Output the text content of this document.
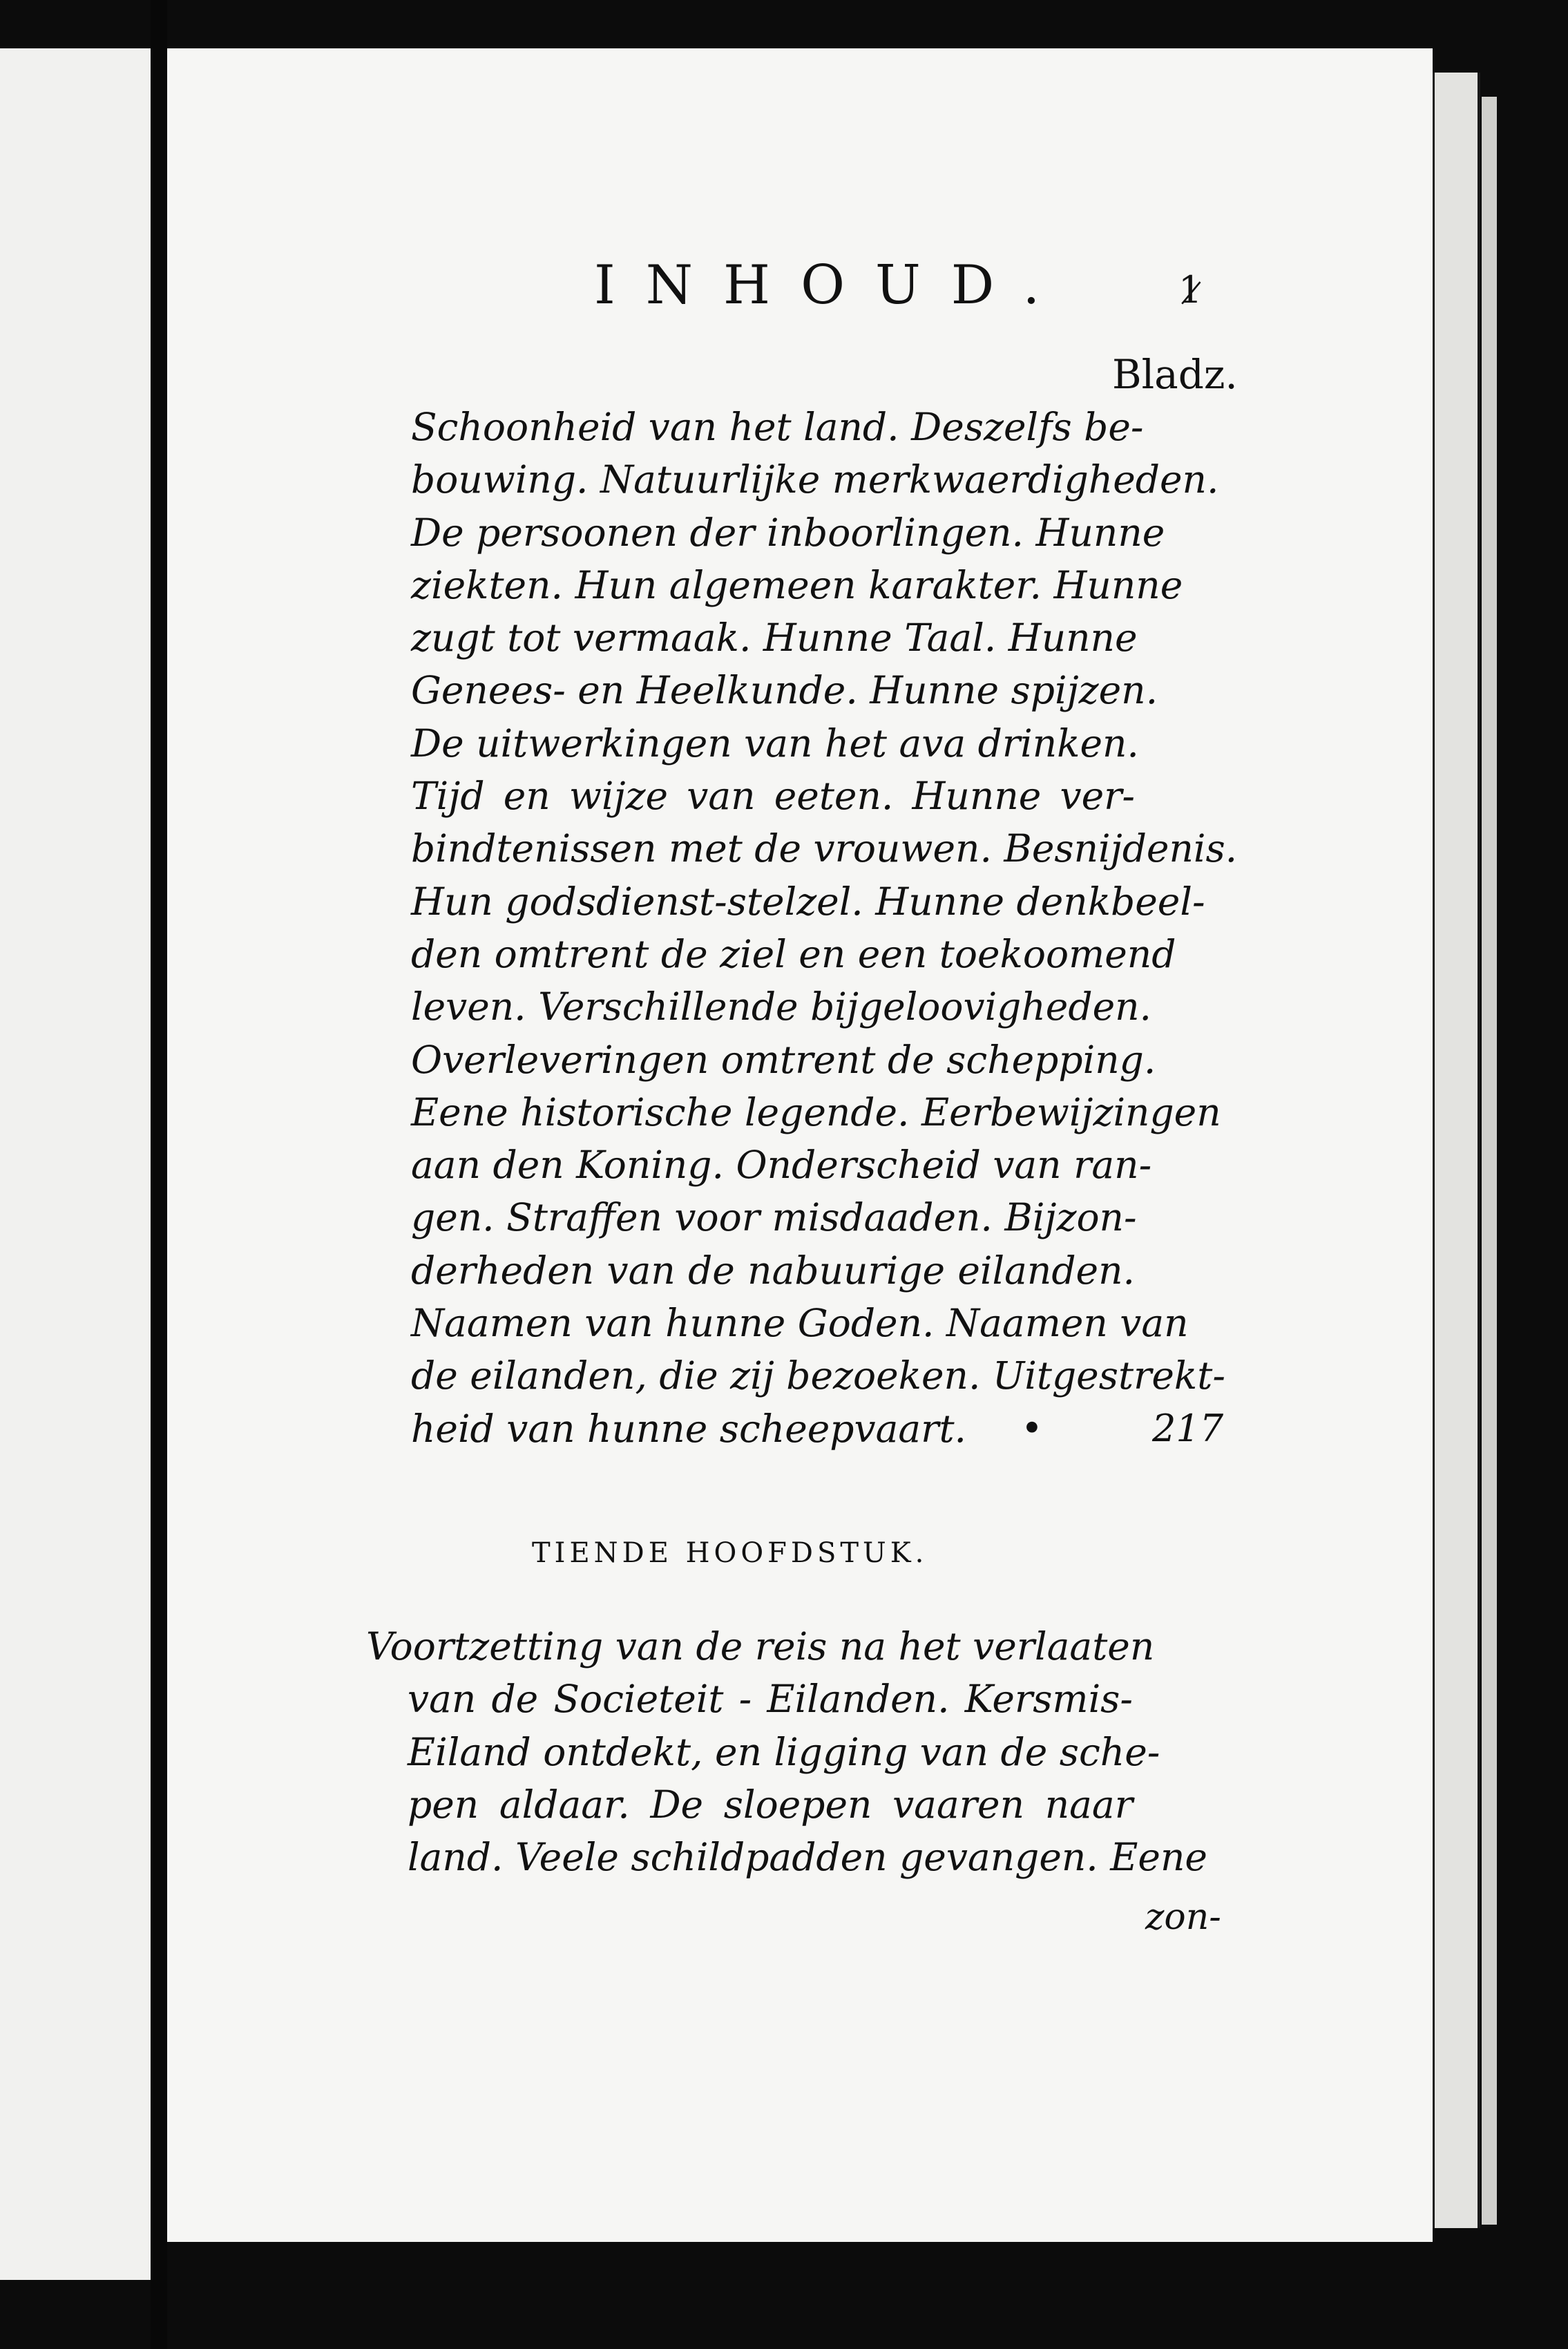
INHOUD.	1̷
Bladz.
Schoonheid van het land. Deszelfs be-
bouwing. Natuurlijke merkwaerdigheden.
De persoonen der inboorlingen. Hunne
ziekten. Hun algemeen karakter. Hunne
zugt tot vermaak. Hunne Taal. Hunne
Genees- en Heelkunde. Hunne spijzen.
De uitwerkingen van het ava drinken.
Tijd en wijze van eeten. Hunne ver-
bindtenissen met de vrouwen. Besnijdenis.
Hun godsdienst-stelzel. Hunne denkbeel-
den omtrent de ziel en een toekoomend
leven. Verschillende bijgeloovigheden.
Overleveringen omtrent de schepping.
Eene historische legende. Eerbewijzingen
aan den Koning. Onderscheid van ran-
gen. Straffen voor misdaaden. Bijzon-
derheden van de nabuurige eilanden.
Naamen van hunne Goden. Naamen van
de eilanden, die zij bezoeken. Uitgestrekt-
heid van hunne scheepvaart.	•	217
TIENDE HOOFDSTUK.
Voortzetting van de reis na het verlaaten
van de Societeit - Eilanden. Kersmis-
Eiland ontdekt, en ligging van de sche-
pen aldaar. De sloepen vaaren naar
land. Veele schildpadden gevangen. Eene
zon-
